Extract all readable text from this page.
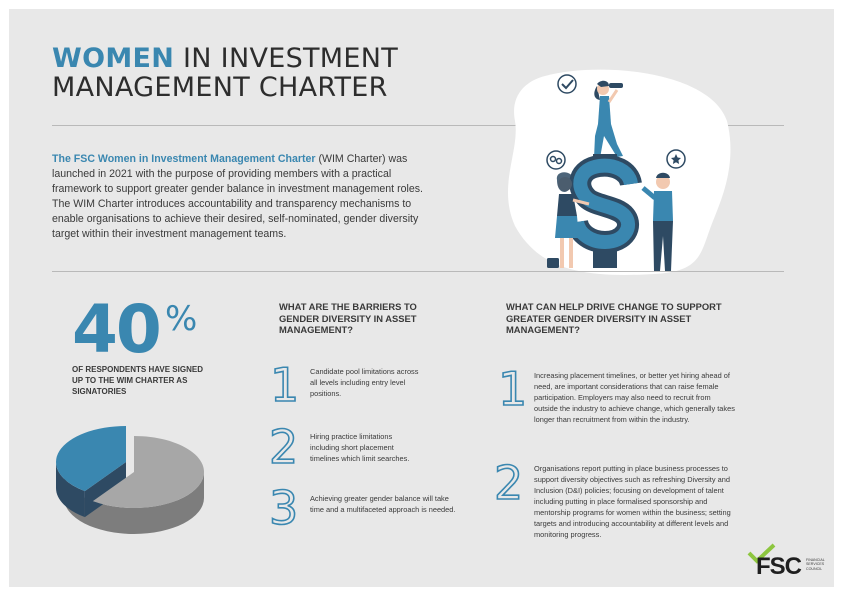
WOMEN IN INVESTMENT
MANAGEMENT CHARTER
The FSC Women in Investment Management Charter (WIM Charter) was launched in 2021 with the purpose of providing members with a practical framework to support greater gender balance in investment management roles. The WIM Charter introduces accountability and transparency mechanisms to enable organisations to achieve their desired, self-nominated, gender diversity target within their investment management teams.
40 %
OF RESPONDENTS HAVE SIGNED UP TO THE WIM CHARTER AS SIGNATORIES
WHAT ARE THE BARRIERS TO GENDER DIVERSITY IN ASSET MANAGEMENT?
1 Candidate pool limitations across all levels including entry level positions.
2 Hiring practice limitations including short placement timelines which limit searches.
3 Achieving greater gender balance will take time and a multifaceted approach is needed.
WHAT CAN HELP DRIVE CHANGE TO SUPPORT GREATER GENDER DIVERSITY IN ASSET MANAGEMENT?
1 Increasing placement timelines, or better yet hiring ahead of need, are important considerations that can raise female participation. Employers may also need to recruit from outside the industry to achieve change, which generally takes longer than recruitment from within the industry.
2 Organisations report putting in place business processes to support diversity objectives such as refreshing Diversity and Inclusion (D&I) policies; focusing on development of talent including putting in place formalised sponsorship and mentorship programs for women within the business; setting targets and introducing accountability at different levels and monitoring progress.
FSC FINANCIAL SERVICES COUNCIL
